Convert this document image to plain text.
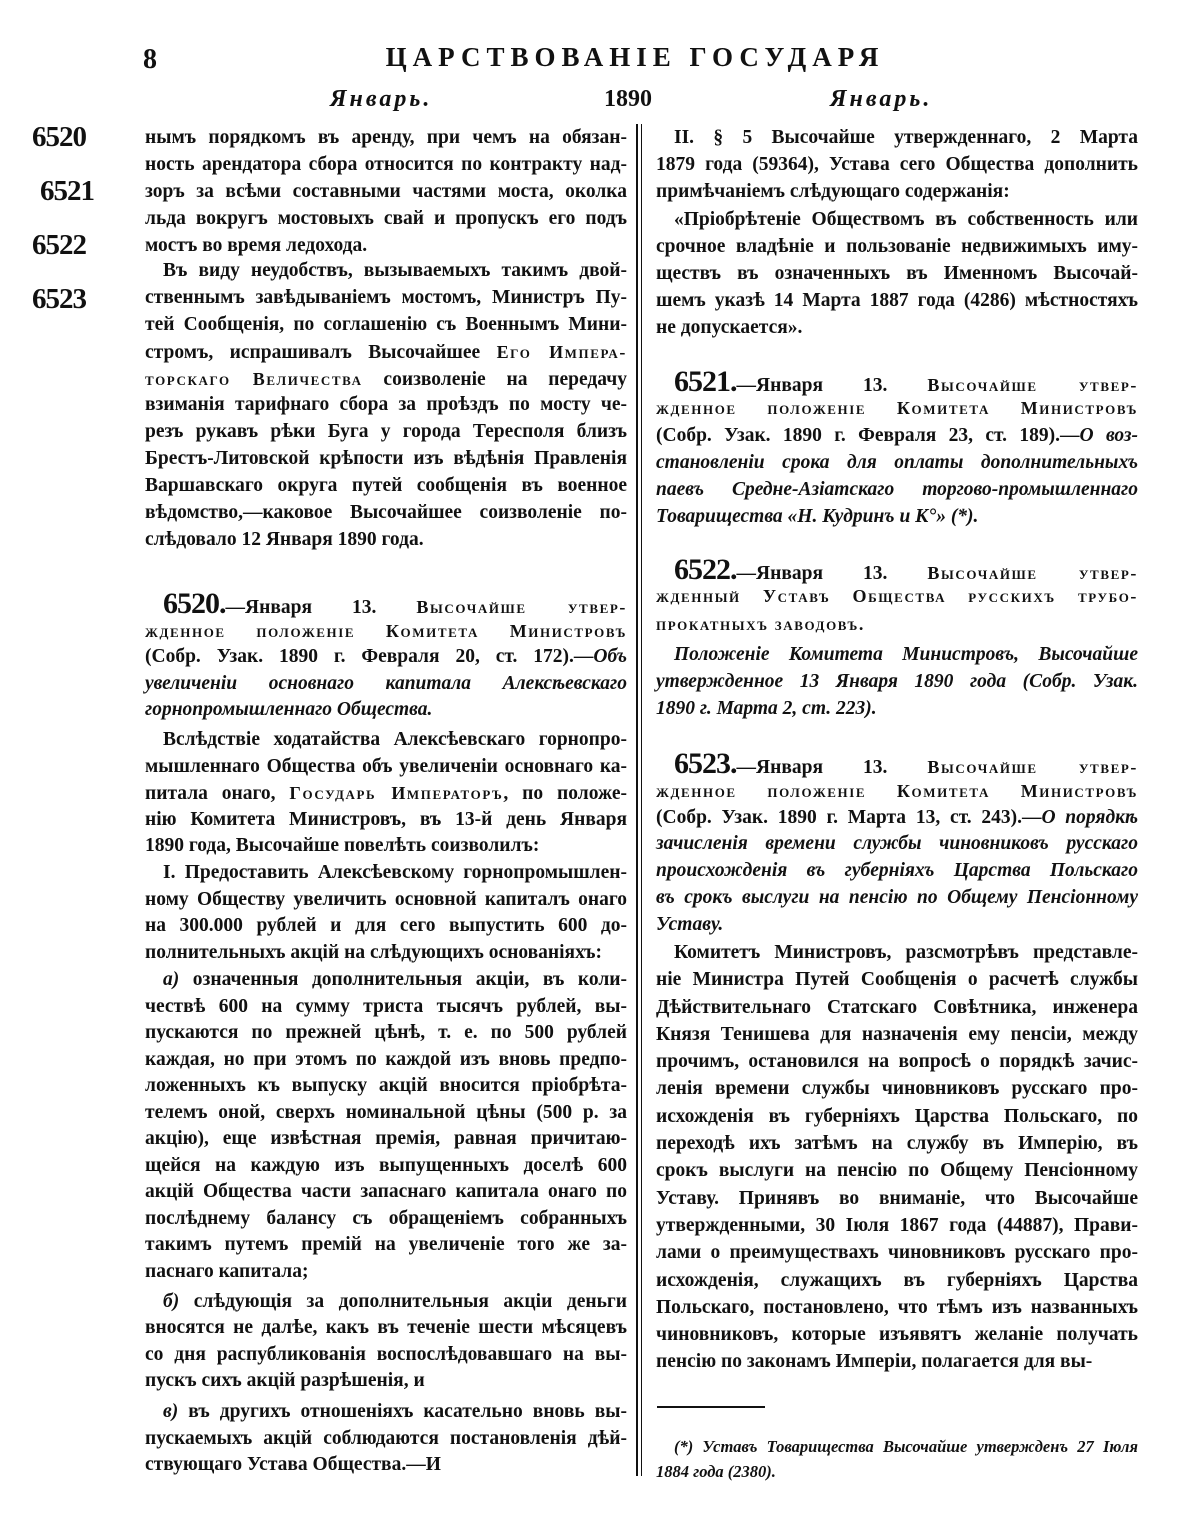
8	ЦАРСТВОВАНІЕ ГОСУДАРЯ
Январь.	1890	Январь.
6520
6521
6522
6523
нымъ порядкомъ въ аренду, при чемъ на обязан-
ность арендатора сбора относится по контракту над-
зоръ за всѣми составными частями моста, околка
льда вокругъ мостовыхъ свай и пропускъ его подъ
мостъ во время ледохода.
Въ виду неудобствъ, вызываемыхъ такимъ двой-
ственнымъ завѣдываніемъ мостомъ, Министръ Пу-
тей Сообщенія, по соглашенію съ Военнымъ Мини-
стромъ, испрашивалъ Высочайшее Его Импера-
торскаго Величества соизволеніе на передачу
взиманія тарифнаго сбора за проѣздъ по мосту че-
резъ рукавъ рѣки Буга у города Тересполя близъ
Брестъ-Литовской крѣпости изъ вѣдѣнія Правленія
Варшавскаго округа путей сообщенія въ военное
вѣдомство,—каковое Высочайшее соизволеніе по-
слѣдовало 12 Января 1890 года.
6520.—Января 13. Высочайше утвер-
жденное положеніе Комитета Министровъ
(Собр. Узак. 1890 г. Февраля 20, ст. 172).—Объ
увеличеніи основнаго капитала Алексѣевскаго
горнопромышленнаго Общества.
Вслѣдствіе ходатайства Алексѣевскаго горнопро-
мышленнаго Общества объ увеличеніи основнаго ка-
питала онаго, Государь Императоръ, по положе-
нію Комитета Министровъ, въ 13-й день Января
1890 года, Высочайше повелѣть соизволилъ:
I. Предоставить Алексѣевскому горнопромышлен-
ному Обществу увеличить основной капиталъ онаго
на 300.000 рублей и для сего выпустить 600 до-
полнительныхъ акцій на слѣдующихъ основаніяхъ:
а) означенныя дополнительныя акціи, въ коли-
чествѣ 600 на сумму триста тысячъ рублей, вы-
пускаются по прежней цѣнѣ, т. е. по 500 рублей
каждая, но при этомъ по каждой изъ вновь предпо-
ложенныхъ къ выпуску акцій вносится пріобрѣта-
телемъ оной, сверхъ номинальной цѣны (500 р. за
акцію), еще извѣстная премія, равная причитаю-
щейся на каждую изъ выпущенныхъ доселѣ 600
акцій Общества части запаснаго капитала онаго по
послѣднему балансу съ обращеніемъ собранныхъ
такимъ путемъ премій на увеличеніе того же за-
паснаго капитала;
б) слѣдующія за дополнительныя акціи деньги
вносятся не далѣе, какъ въ теченіе шести мѣсяцевъ
со дня распубликованія воспослѣдовавшаго на вы-
пускъ сихъ акцій разрѣшенія, и
в) въ другихъ отношеніяхъ касательно вновь вы-
пускаемыхъ акцій соблюдаются постановленія дѣй-
ствующаго Устава Общества.—И
II. § 5 Высочайше утвержденнаго, 2 Марта
1879 года (59364), Устава сего Общества дополнить
примѣчаніемъ слѣдующаго содержанія:
«Пріобрѣтеніе Обществомъ въ собственность или
срочное владѣніе и пользованіе недвижимыхъ иму-
ществъ въ означенныхъ въ Именномъ Высочай-
шемъ указѣ 14 Марта 1887 года (4286) мѣстностяхъ
не допускается».
6521.—Января 13. Высочайше утвер-
жденное положеніе Комитета Министровъ
(Собр. Узак. 1890 г. Февраля 23, ст. 189).—О воз-
становленіи срока для оплаты дополнительныхъ
паевъ Средне-Азіатскаго торгово-промышленнаго
Товарищества «Н. Кудринъ и К°» (*).
6522.—Января 13. Высочайше утвер-
жденный Уставъ Общества русскихъ трубо-
прокатныхъ заводовъ.
Положеніе Комитета Министровъ, Высочайше
утвержденное 13 Января 1890 года (Собр. Узак.
1890 г. Марта 2, ст. 223).
6523.—Января 13. Высочайше утвер-
жденное положеніе Комитета Министровъ
(Собр. Узак. 1890 г. Марта 13, ст. 243).—О порядкѣ
зачисленія времени службы чиновниковъ русскаго
происхожденія въ губерніяхъ Царства Польскаго
въ срокъ выслуги на пенсію по Общему Пенсіонному
Уставу.
Комитетъ Министровъ, разсмотрѣвъ представле-
ніе Министра Путей Сообщенія о расчетѣ службы
Дѣйствительнаго Статскаго Совѣтника, инженера
Князя Тенишева для назначенія ему пенсіи, между
прочимъ, остановился на вопросѣ о порядкѣ зачис-
ленія времени службы чиновниковъ русскаго про-
исхожденія въ губерніяхъ Царства Польскаго, по
переходѣ ихъ затѣмъ на службу въ Имперію, въ
срокъ выслуги на пенсію по Общему Пенсіонному
Уставу. Принявъ во вниманіе, что Высочайше
утвержденными, 30 Іюля 1867 года (44887), Прави-
лами о преимуществахъ чиновниковъ русскаго про-
исхожденія, служащихъ въ губерніяхъ Царства
Польскаго, постановлено, что тѣмъ изъ названныхъ
чиновниковъ, которые изъявятъ желаніе получать
пенсію по законамъ Имперіи, полагается для вы-
(*) Уставъ Товарищества Высочайше утвержденъ 27 Іюля
1884 года (2380).
